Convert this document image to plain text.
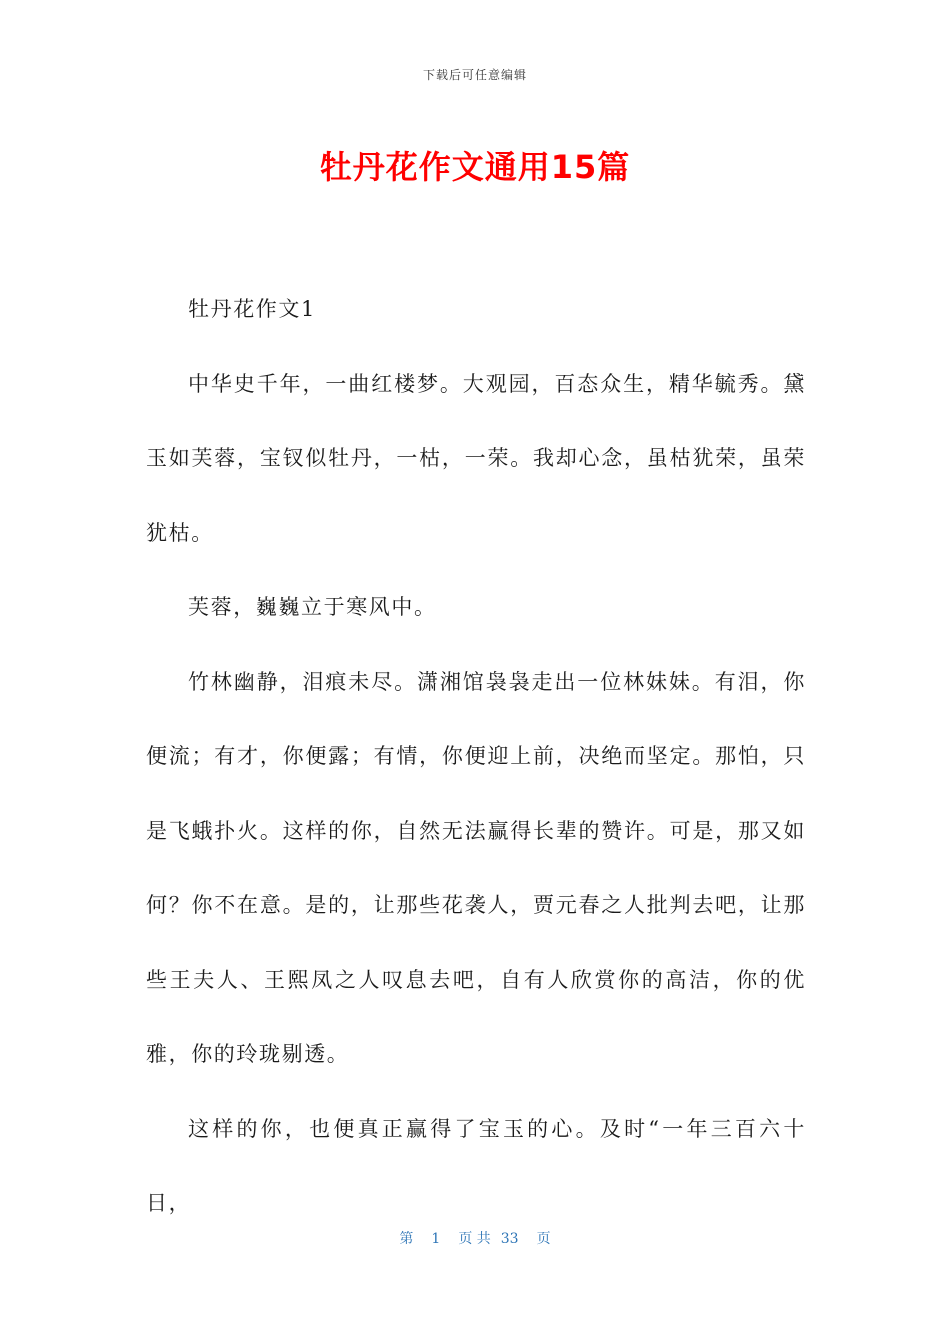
下载后可任意编辑
牡丹花作文通用15篇

牡丹花作文1

中华史千年，一曲红楼梦。大观园，百态众生，精华毓秀。黛玉如芙蓉，宝钗似牡丹，一枯，一荣。我却心念，虽枯犹荣，虽荣犹枯。

芙蓉，巍巍立于寒风中。

竹林幽静，泪痕未尽。潇湘馆袅袅走出一位林妹妹。有泪，你便流；有才，你便露；有情，你便迎上前，决绝而坚定。那怕，只是飞蛾扑火。这样的你，自然无法赢得长辈的赞许。可是，那又如何？你不在意。是的，让那些花袭人，贾元春之人批判去吧，让那些王夫人、王熙凤之人叹息去吧，自有人欣赏你的高洁，你的优雅，你的玲珑剔透。

这样的你，也便真正赢得了宝玉的心。及时“一年三百六十日，

第 1 页 共 33 页
